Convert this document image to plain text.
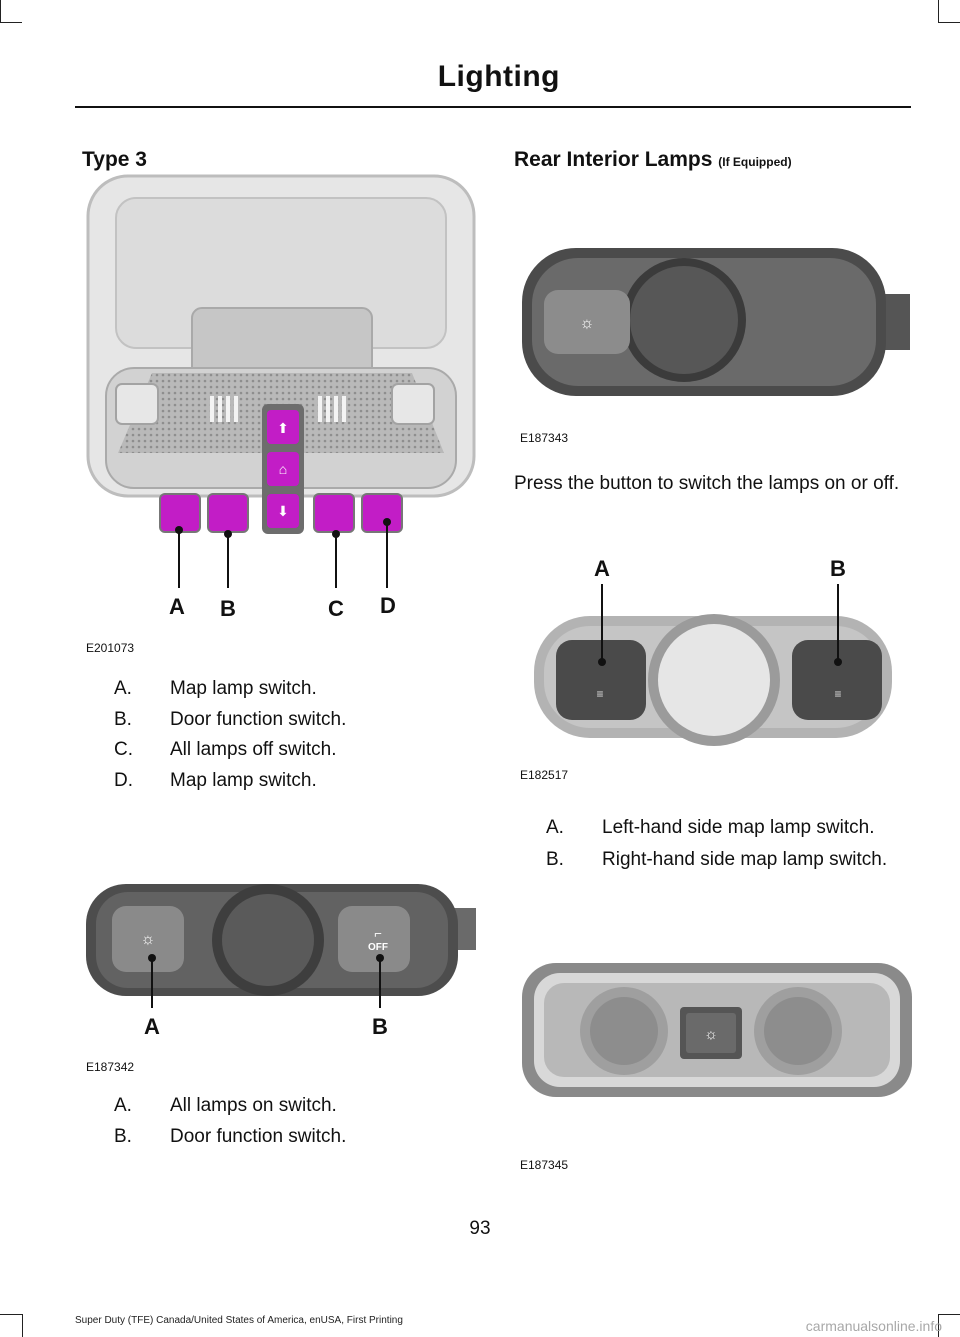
Lighting
Type 3
⬆
⌂
⬇
A B	C D
E201073
A.	Map lamp switch.
B.	Door function switch.
C.	All lamps off switch.
D.	Map lamp switch.
☼	⌐
OFF
A	B
E187342
A.	All lamps on switch.
B.	Door function switch.
Rear Interior Lamps (If Equipped)
☼
E187343
Press the button to switch the lamps on or off.
A	B
≡	≡
E182517
A.	Left-hand side map lamp switch.
B.	Right-hand side map lamp switch.
☼
E187345
93
Super Duty (TFE) Canada/United States of America, enUSA, First Printing	carmanualsonline.info
